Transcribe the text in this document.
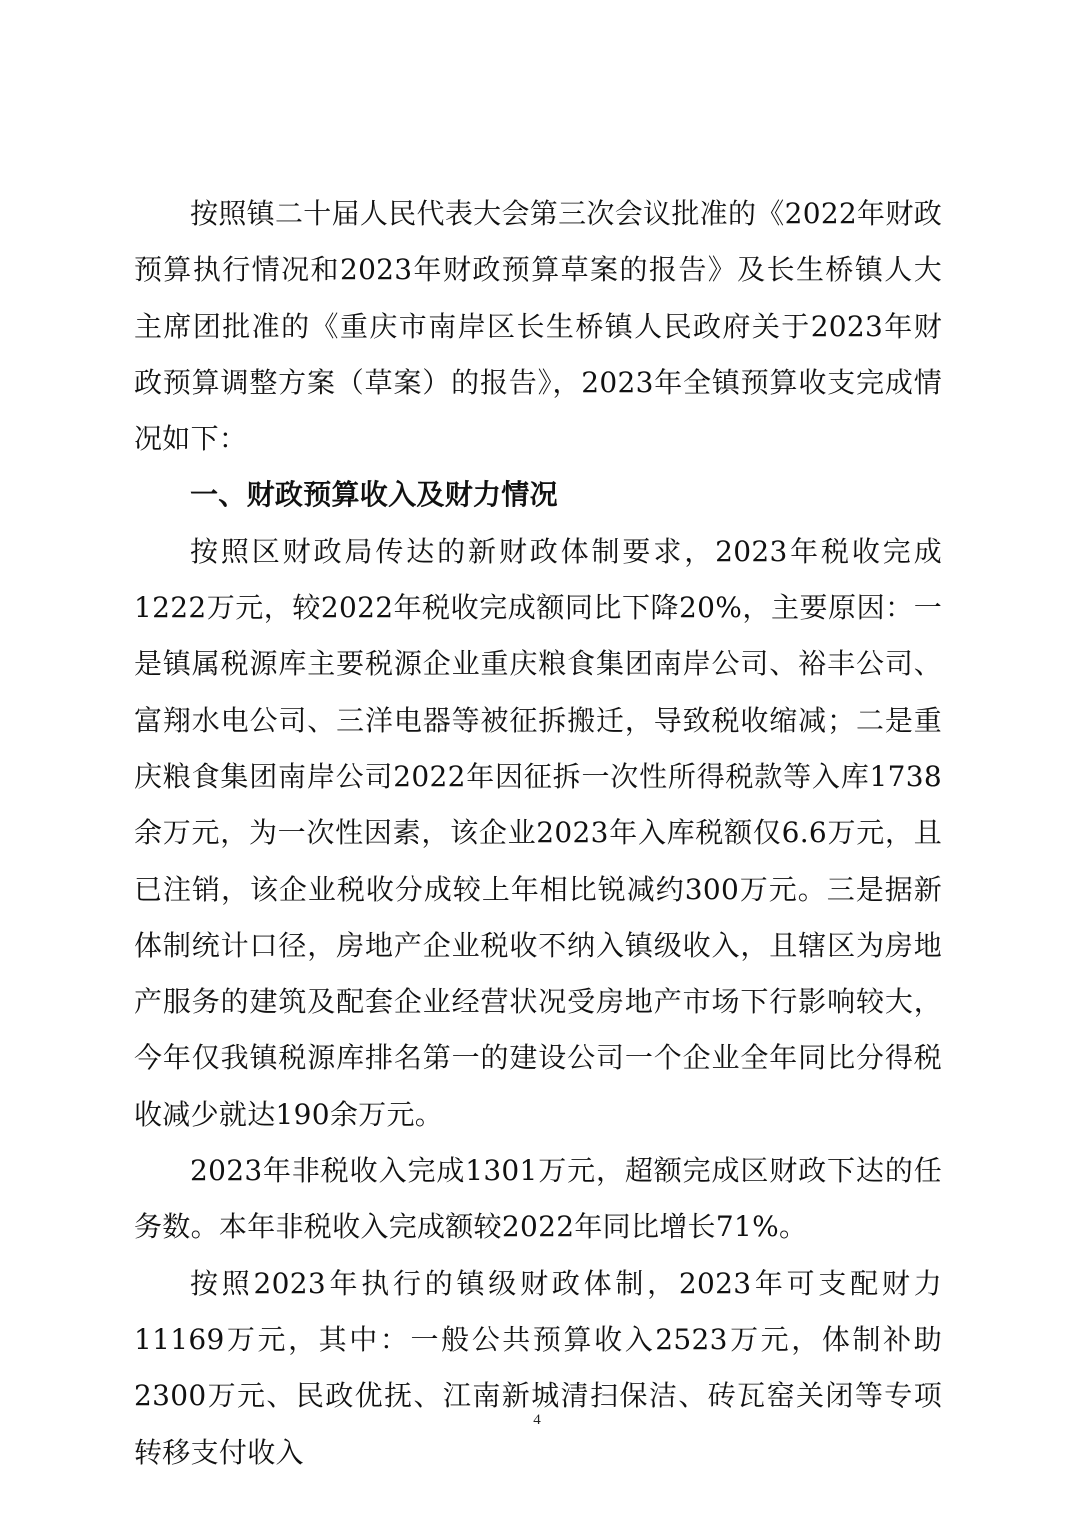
按照镇二十届人民代表大会第三次会议批准的《2022年财政预算执行情况和2023年财政预算草案的报告》及长生桥镇人大主席团批准的《重庆市南岸区长生桥镇人民政府关于2023年财政预算调整方案（草案）的报告》，2023年全镇预算收支完成情况如下：

一、财政预算收入及财力情况

按照区财政局传达的新财政体制要求，2023年税收完成1222万元，较2022年税收完成额同比下降20%，主要原因：一是镇属税源库主要税源企业重庆粮食集团南岸公司、裕丰公司、富翔水电公司、三洋电器等被征拆搬迁，导致税收缩减；二是重庆粮食集团南岸公司2022年因征拆一次性所得税款等入库1738余万元，为一次性因素，该企业2023年入库税额仅6.6万元，且已注销，该企业税收分成较上年相比锐减约300万元。三是据新体制统计口径，房地产企业税收不纳入镇级收入，且辖区为房地产服务的建筑及配套企业经营状况受房地产市场下行影响较大，今年仅我镇税源库排名第一的建设公司一个企业全年同比分得税收减少就达190余万元。

2023年非税收入完成1301万元，超额完成区财政下达的任务数。本年非税收入完成额较2022年同比增长71%。

按照2023年执行的镇级财政体制，2023年可支配财力11169万元，其中：一般公共预算收入2523万元，体制补助2300万元、民政优抚、江南新城清扫保洁、砖瓦窑关闭等专项转移支付收入

4
